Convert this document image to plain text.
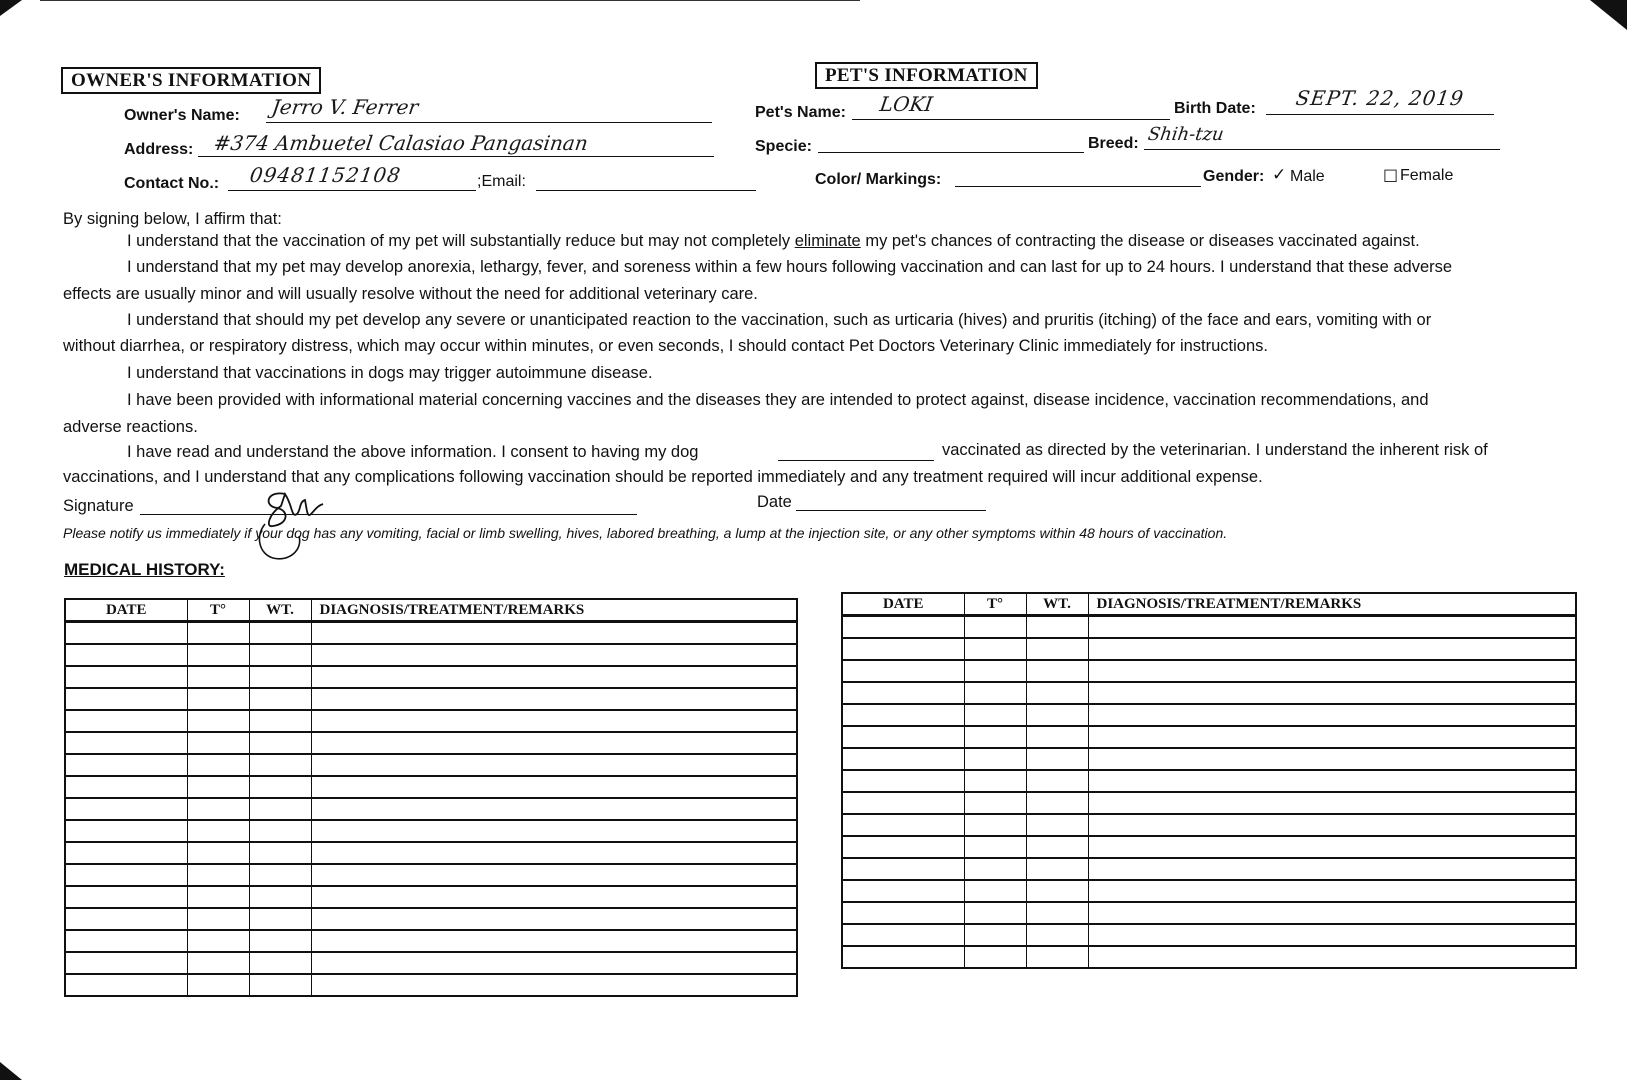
OWNER'S INFORMATION
Owner's Name: Jerro V. Ferrer
Address: #374 Ambuetel Calasiao Pangasinan
Contact No.: 09481152108	;Email:
PET'S INFORMATION
Pet's Name: LOKI	Birth Date: SEPT. 22, 2019
Specie:	Breed: Shih-tzu
Color/ Markings:	Gender: ✓ Male	□ Female
By signing below, I affirm that:
I understand that the vaccination of my pet will substantially reduce but may not completely eliminate my pet's chances of contracting the disease or diseases vaccinated against.
I understand that my pet may develop anorexia, lethargy, fever, and soreness within a few hours following vaccination and can last for up to 24 hours. I understand that these adverse
effects are usually minor and will usually resolve without the need for additional veterinary care.
I understand that should my pet develop any severe or unanticipated reaction to the vaccination, such as urticaria (hives) and pruritis (itching) of the face and ears, vomiting with or
without diarrhea, or respiratory distress, which may occur within minutes, or even seconds, I should contact Pet Doctors Veterinary Clinic immediately for instructions.
I understand that vaccinations in dogs may trigger autoimmune disease.
I have been provided with informational material concerning vaccines and the diseases they are intended to protect against, disease incidence, vaccination recommendations, and
adverse reactions.
I have read and understand the above information. I consent to having my dog	vaccinated as directed by the veterinarian. I understand the inherent risk of
vaccinations, and I understand that any complications following vaccination should be reported immediately and any treatment required will incur additional expense.
Signature	Date
Please notify us immediately if your dog has any vomiting, facial or limb swelling, hives, labored breathing, a lump at the injection site, or any other symptoms within 48 hours of vaccination.
MEDICAL HISTORY:
DATE	T°	WT.	DIAGNOSIS/TREATMENT/REMARKS

				DATE	T°	WT.	DIAGNOSIS/TREATMENT/REMARKS
